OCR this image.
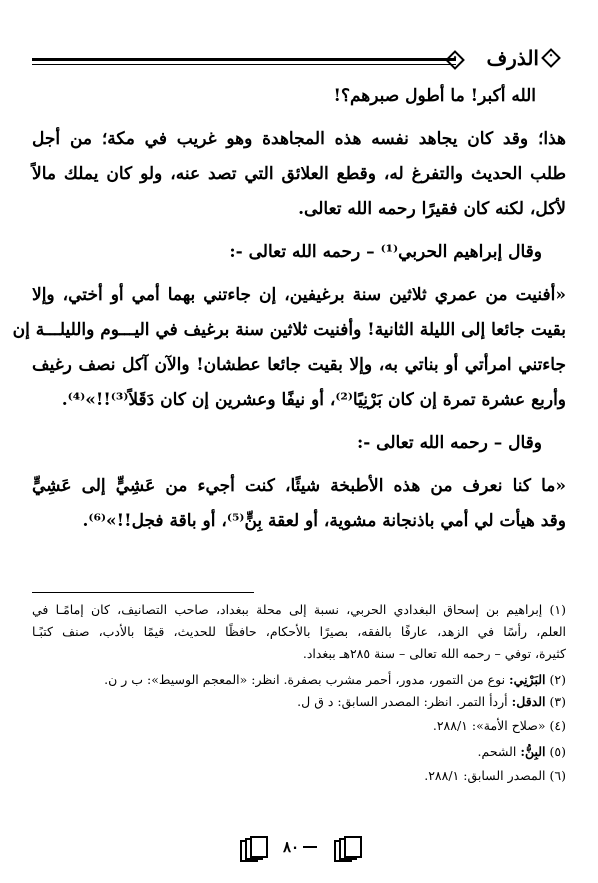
الذرف
الله أكبر! ما أطول صبرهم؟!
هذا؛ وقد كان يجاهد نفسه هذه المجاهدة وهو غريب في مكة؛ من أجل
طلب الحديث والتفرغ له، وقطع العلائق التي تصد عنه، ولو كان يملك مالاً
لأكل، لكنه كان فقيرًا رحمه الله تعالى.
وقال إبراهيم الحربي⁽¹⁾ – رحمه الله تعالى -:
«أفنيت من عمري ثلاثين سنة برغيفين، إن جاءتني بهما أمي أو أختي، وإلا
بقيت جائعا إلى الليلة الثانية! وأفنيت ثلاثين سنة برغيف في اليـــوم والليلـــة إن
جاءتني امرأتي أو بناتي به، وإلا بقيت جائعا عطشان! والآن آكل نصف رغيف
وأربع عشرة تمرة إن كان بَرْنِيًا⁽²⁾، أو نيفًا وعشرين إن كان دَقَلاً⁽³⁾!!»⁽⁴⁾.
وقال – رحمه الله تعالى -:
«ما كنا نعرف من هذه الأطبخة شيئًا، كنت أجيء من عَشِيٍّ إلى عَشِيٍّ
وقد هيأت لي أمي باذنجانة مشوية، أو لعقة بِنٍّ⁽⁵⁾، أو باقة فجل!!»⁽⁶⁾.
(١) إبراهيم بن إسحاق البغدادي الحربي، نسبة إلى محلة ببغداد، صاحب التصانيف، كان إمامًـا في
العلم، رأسًا في الزهد، عارفًا بالفقه، بصيرًا بالأحكام، حافظًا للحديث، قيمًا بالأدب، صنف كتبًـا
كثيرة، توفي – رحمه الله تعالى – سنة ٢٨٥هـ ببغداد.
(٢) البَرْنِي: نوع من التمور، مدور، أحمر مشرب بصفرة. انظر: «المعجم الوسيط»: ب ر ن.
(٣) الدقل: أردأ التمر. انظر: المصدر السابق: د ق ل.
(٤) «صلاح الأمة»: ٢٨٨/١.
(٥) البِنُّ: الشحم.
(٦) المصدر السابق: ٢٨٨/١.
٨٠
